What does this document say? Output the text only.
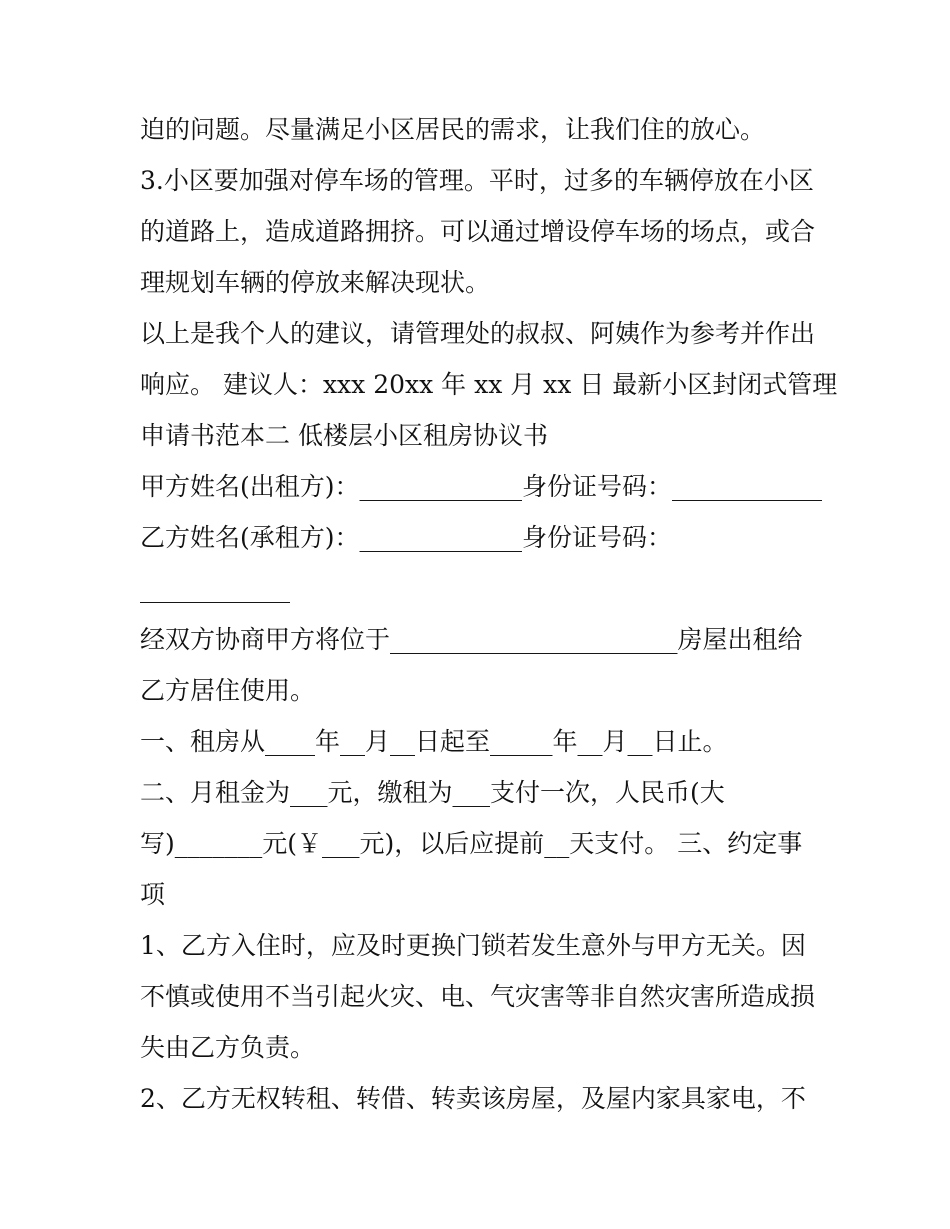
迫的问题。尽量满足小区居民的需求，让我们住的放心。
3.小区要加强对停车场的管理。平时，过多的车辆停放在小区
的道路上，造成道路拥挤。可以通过增设停车场的场点，或合
理规划车辆的停放来解决现状。
以上是我个人的建议，请管理处的叔叔、阿姨作为参考并作出
响应。 建议人：xxx 20xx 年 xx 月 xx 日 最新小区封闭式管理
申请书范本二 低楼层小区租房协议书
甲方姓名(出租方)：_____________身份证号码：____________
乙方姓名(承租方)：_____________身份证号码：
____________
经双方协商甲方将位于_______________________房屋出租给
乙方居住使用。
一、租房从____年__月__日起至_____年__月__日止。
二、月租金为___元，缴租为___支付一次，人民币(大
写)_______元(￥___元)，以后应提前__天支付。 三、约定事
项
1、乙方入住时，应及时更换门锁若发生意外与甲方无关。因
不慎或使用不当引起火灾、电、气灾害等非自然灾害所造成损
失由乙方负责。
2、乙方无权转租、转借、转卖该房屋，及屋内家具家电，不
